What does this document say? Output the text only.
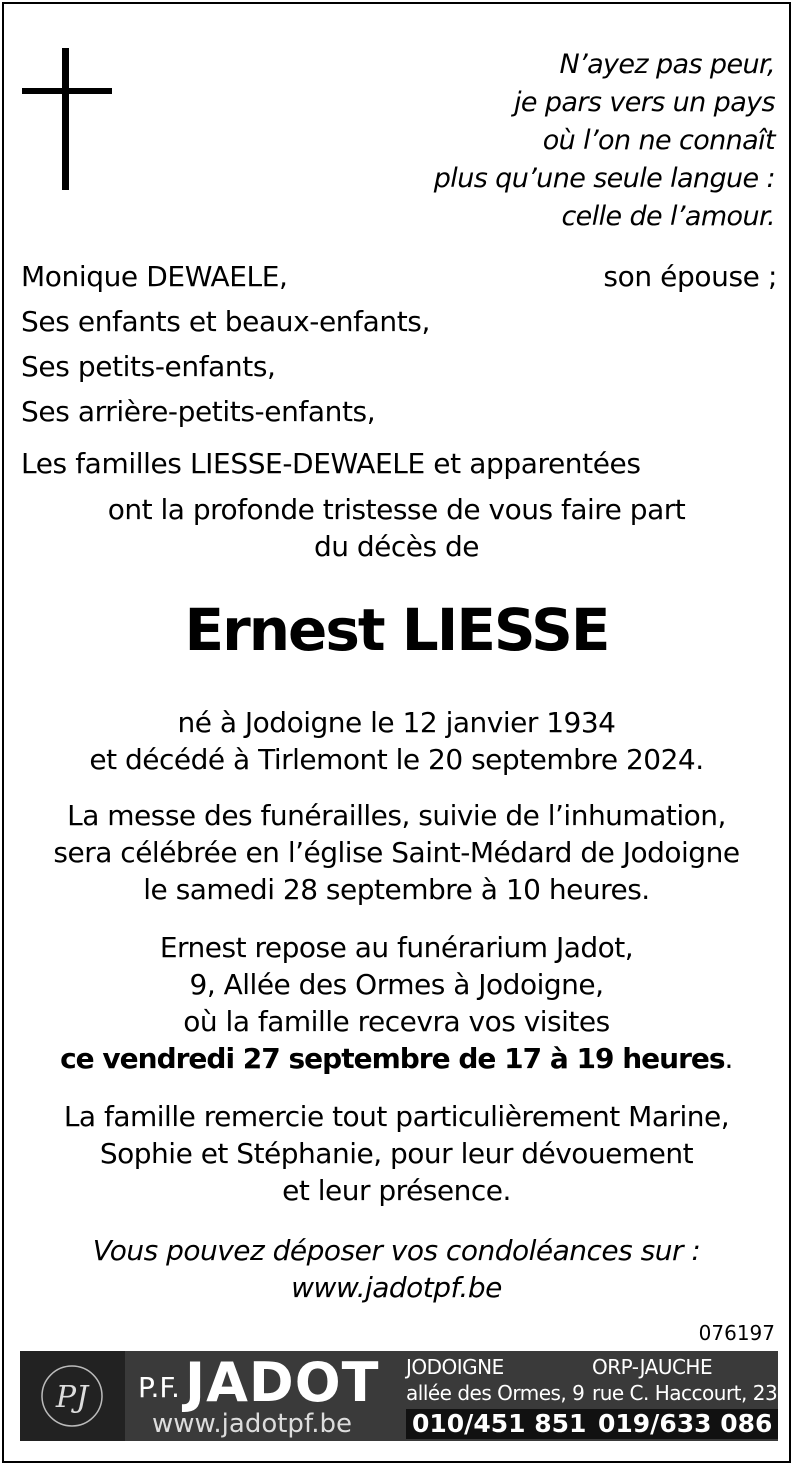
N’ayez pas peur,
je pars vers un pays
où l’on ne connaît
plus qu’une seule langue :
celle de l’amour.
Monique DEWAELE,	son épouse ;
Ses enfants et beaux-enfants,
Ses petits-enfants,
Ses arrière-petits-enfants,
Les familles LIESSE-DEWAELE et apparentées
ont la profonde tristesse de vous faire part
du décès de
Ernest LIESSE
né à Jodoigne le 12 janvier 1934
et décédé à Tirlemont le 20 septembre 2024.
La messe des funérailles, suivie de l’inhumation,
sera célébrée en l’église Saint-Médard de Jodoigne
le samedi 28 septembre à 10 heures.
Ernest repose au funérarium Jadot,
9, Allée des Ormes à Jodoigne,
où la famille recevra vos visites
ce vendredi 27 septembre de 17 à 19 heures.
La famille remercie tout particulièrement Marine,
Sophie et Stéphanie, pour leur dévouement
et leur présence.
Vous pouvez déposer vos condoléances sur :
www.jadotpf.be
076197
PJ P.F. JADOT
www.jadotpf.be
JODOIGNE
allée des Ormes, 9
010/451 851
ORP-JAUCHE
rue C. Haccourt, 23
019/633 086
